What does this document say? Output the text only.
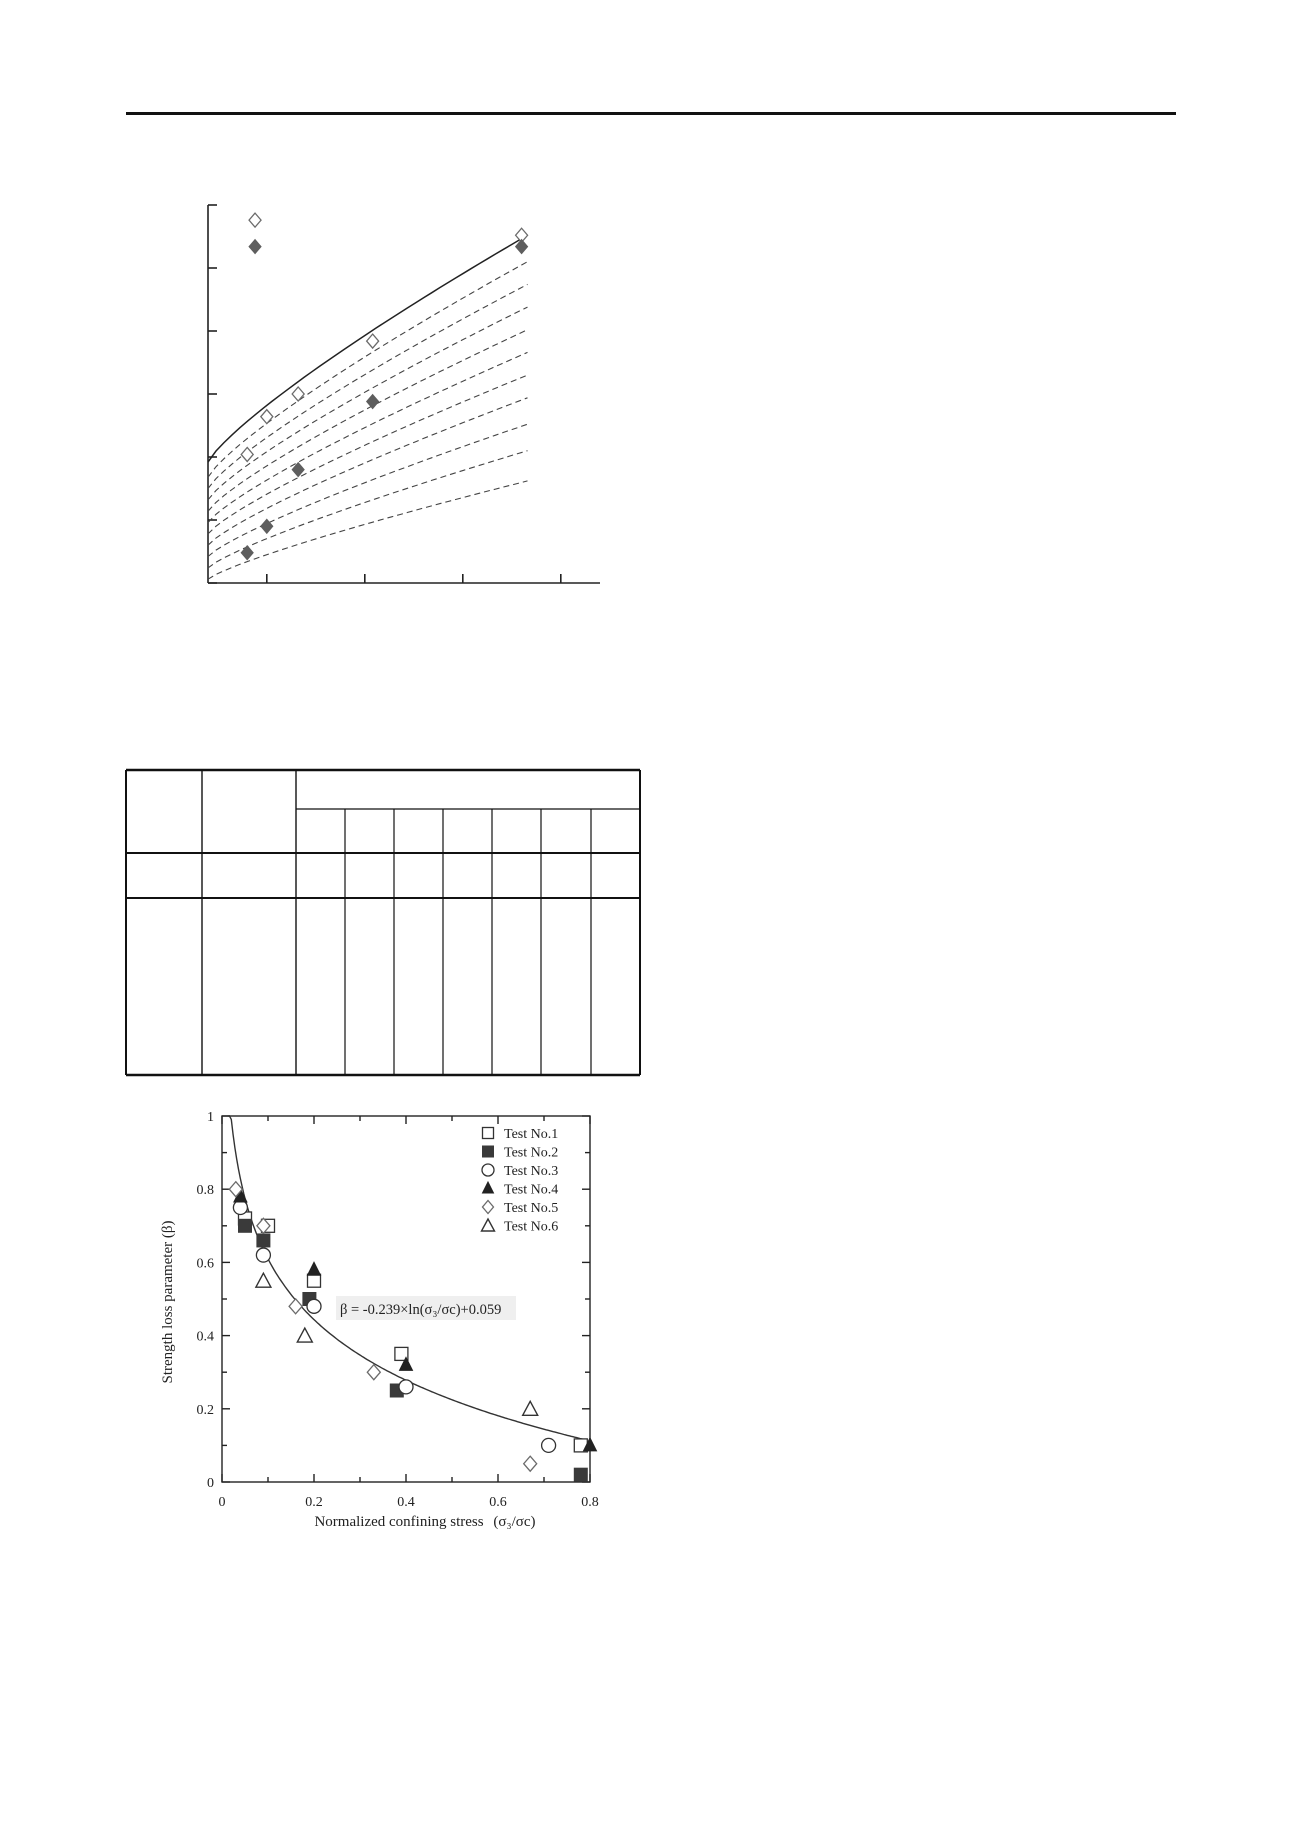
0
0.2
0.4
0.6
0.8
1
0	0.2	0.4	0.6	0.8
β = -0.239×ln(σ₃/σc)+0.059
Test No.1
Test No.2
Test No.3
Test No.4
Test No.5
Test No.6
Strength loss parameter (β)
Normalized confining stress (σ₃/σc)
